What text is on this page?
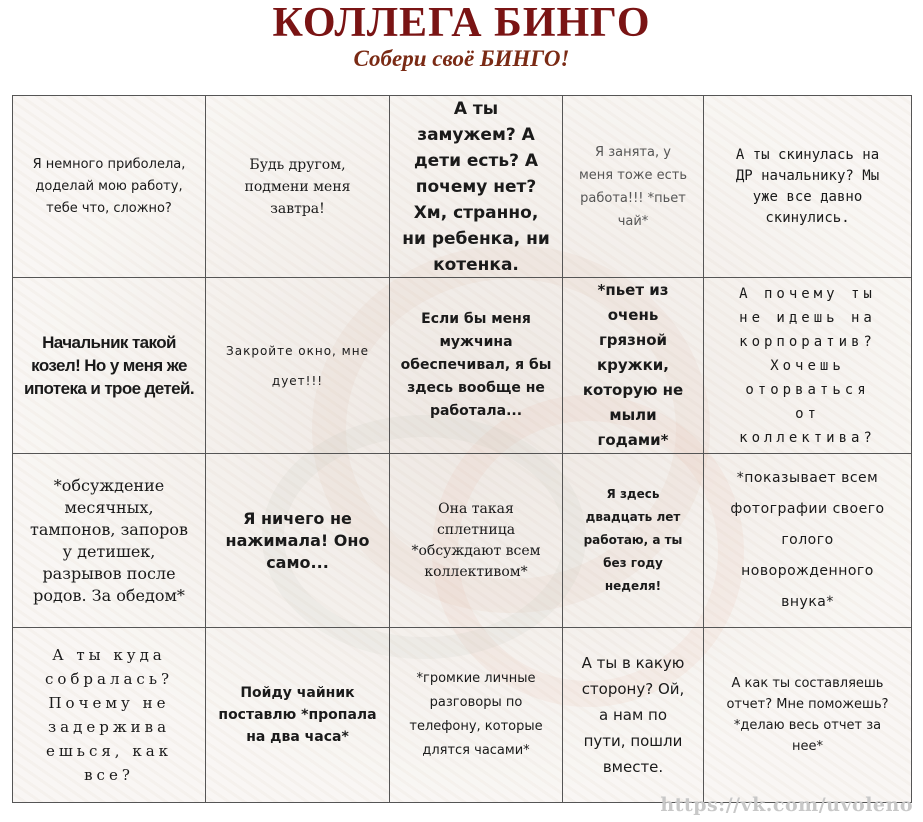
КОЛЛЕГА БИНГО
Собери своё БИНГО!
Я немного приболела,
доделай мою работу,
тебе что, сложно?
Будь другом,
подмени меня
завтра!
А ты
замужем? А
дети есть? А
почему нет?
Хм, странно,
ни ребенка, ни
котенка.
Я занята, у
меня тоже есть
работа!!! *пьет
чай*
А ты скинулась на
ДР начальнику? Мы
уже все давно
скинулись.
Начальник такой
козел! Но у меня же
ипотека и трое детей.
Закройте окно, мне
дует!!!
Если бы меня
мужчина
обеспечивал, я бы
здесь вообще не
работала...
*пьет из
очень
грязной
кружки,
которую не
мыли
годами*
А почему ты
не идешь на
корпоратив?
Хочешь
оторваться
от
коллектива?
*обсуждение
месячных,
тампонов, запоров
у детишек,
разрывов после
родов. За обедом*
Я ничего не
нажимала! Оно
само...
Она такая
сплетница
*обсуждают всем
коллективом*
Я здесь
двадцать лет
работаю, а ты
без году
неделя!
*показывает всем
фотографии своего
голого
новорожденного
внука*
А ты куда
собралась?
Почему не
задержива
ешься, как
все?
Пойду чайник
поставлю *пропала
на два часа*
*громкие личные
разговоры по
телефону, которые
длятся часами*
А ты в какую
сторону? Ой,
а нам по
пути, пошли
вместе.
А как ты составляешь
отчет? Мне поможешь?
*делаю весь отчет за
нее*
https://vk.com/uvoleno
